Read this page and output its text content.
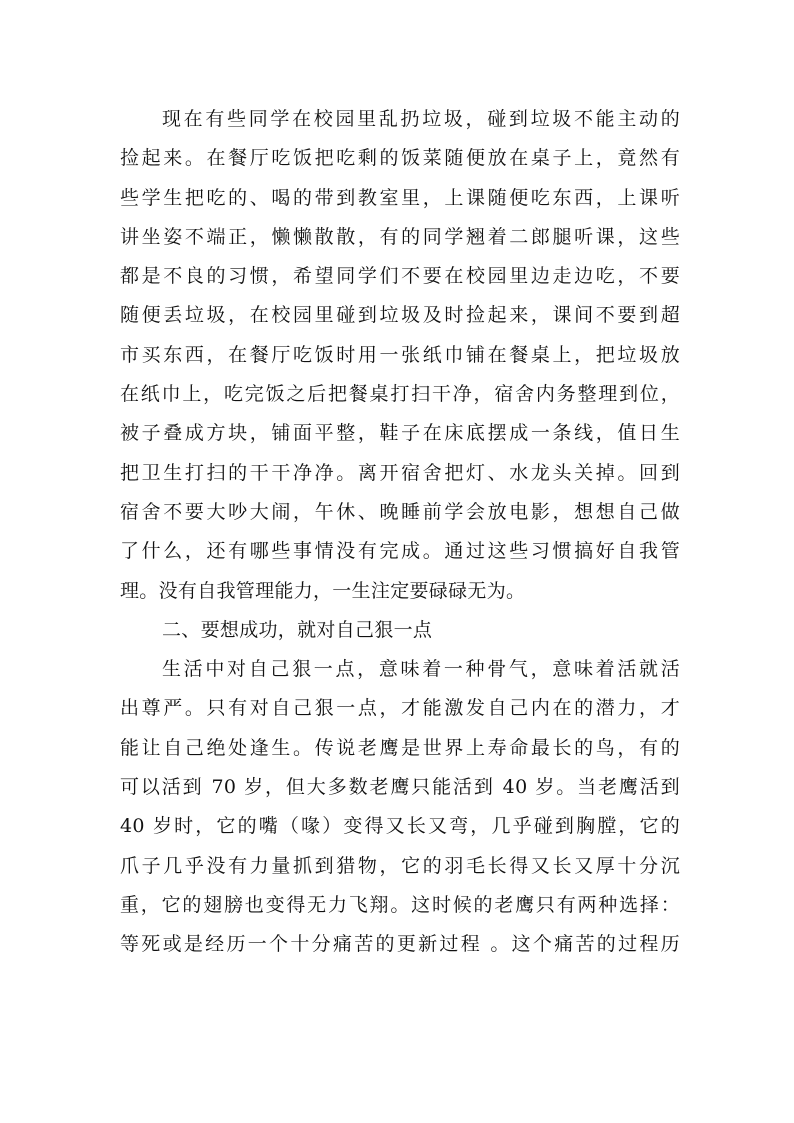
现在有些同学在校园里乱扔垃圾，碰到垃圾不能主动的
捡起来。在餐厅吃饭把吃剩的饭菜随便放在桌子上，竟然有
些学生把吃的、喝的带到教室里，上课随便吃东西，上课听
讲坐姿不端正，懒懒散散，有的同学翘着二郎腿听课，这些
都是不良的习惯，希望同学们不要在校园里边走边吃，不要
随便丢垃圾，在校园里碰到垃圾及时捡起来，课间不要到超
市买东西，在餐厅吃饭时用一张纸巾铺在餐桌上，把垃圾放
在纸巾上，吃完饭之后把餐桌打扫干净，宿舍内务整理到位，
被子叠成方块，铺面平整，鞋子在床底摆成一条线，值日生
把卫生打扫的干干净净。离开宿舍把灯、水龙头关掉。回到
宿舍不要大吵大闹，午休、晚睡前学会放电影，想想自己做
了什么，还有哪些事情没有完成。通过这些习惯搞好自我管
理。没有自我管理能力，一生注定要碌碌无为。
二、要想成功，就对自己狠一点
生活中对自己狠一点，意味着一种骨气，意味着活就活
出尊严。只有对自己狠一点，才能激发自己内在的潜力，才
能让自己绝处逢生。传说老鹰是世界上寿命最长的鸟，有的
可以活到 70 岁，但大多数老鹰只能活到 40 岁。当老鹰活到
40 岁时，它的嘴（喙）变得又长又弯，几乎碰到胸膛，它的
爪子几乎没有力量抓到猎物，它的羽毛长得又长又厚十分沉
重，它的翅膀也变得无力飞翔。这时候的老鹰只有两种选择：
等死或是经历一个十分痛苦的更新过程 。这个痛苦的过程历
